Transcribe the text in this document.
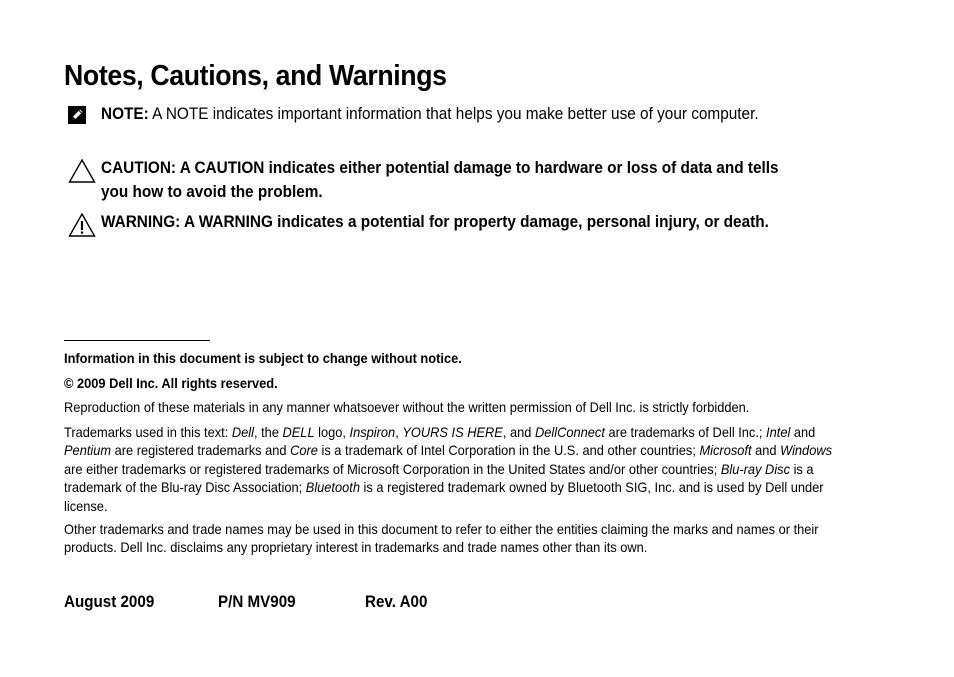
Notes, Cautions, and Warnings
NOTE: A NOTE indicates important information that helps you make better use of your computer.
CAUTION: A CAUTION indicates either potential damage to hardware or loss of data and tells you how to avoid the problem.
WARNING: A WARNING indicates a potential for property damage, personal injury, or death.
Information in this document is subject to change without notice.
© 2009 Dell Inc. All rights reserved.
Reproduction of these materials in any manner whatsoever without the written permission of Dell Inc. is strictly forbidden.
Trademarks used in this text: Dell, the DELL logo, Inspiron, YOURS IS HERE, and DellConnect are trademarks of Dell Inc.; Intel and Pentium are registered trademarks and Core is a trademark of Intel Corporation in the U.S. and other countries; Microsoft and Windows are either trademarks or registered trademarks of Microsoft Corporation in the United States and/or other countries; Blu-ray Disc is a trademark of the Blu-ray Disc Association; Bluetooth is a registered trademark owned by Bluetooth SIG, Inc. and is used by Dell under license.
Other trademarks and trade names may be used in this document to refer to either the entities claiming the marks and names or their products. Dell Inc. disclaims any proprietary interest in trademarks and trade names other than its own.
August 2009	P/N MV909	Rev. A00
